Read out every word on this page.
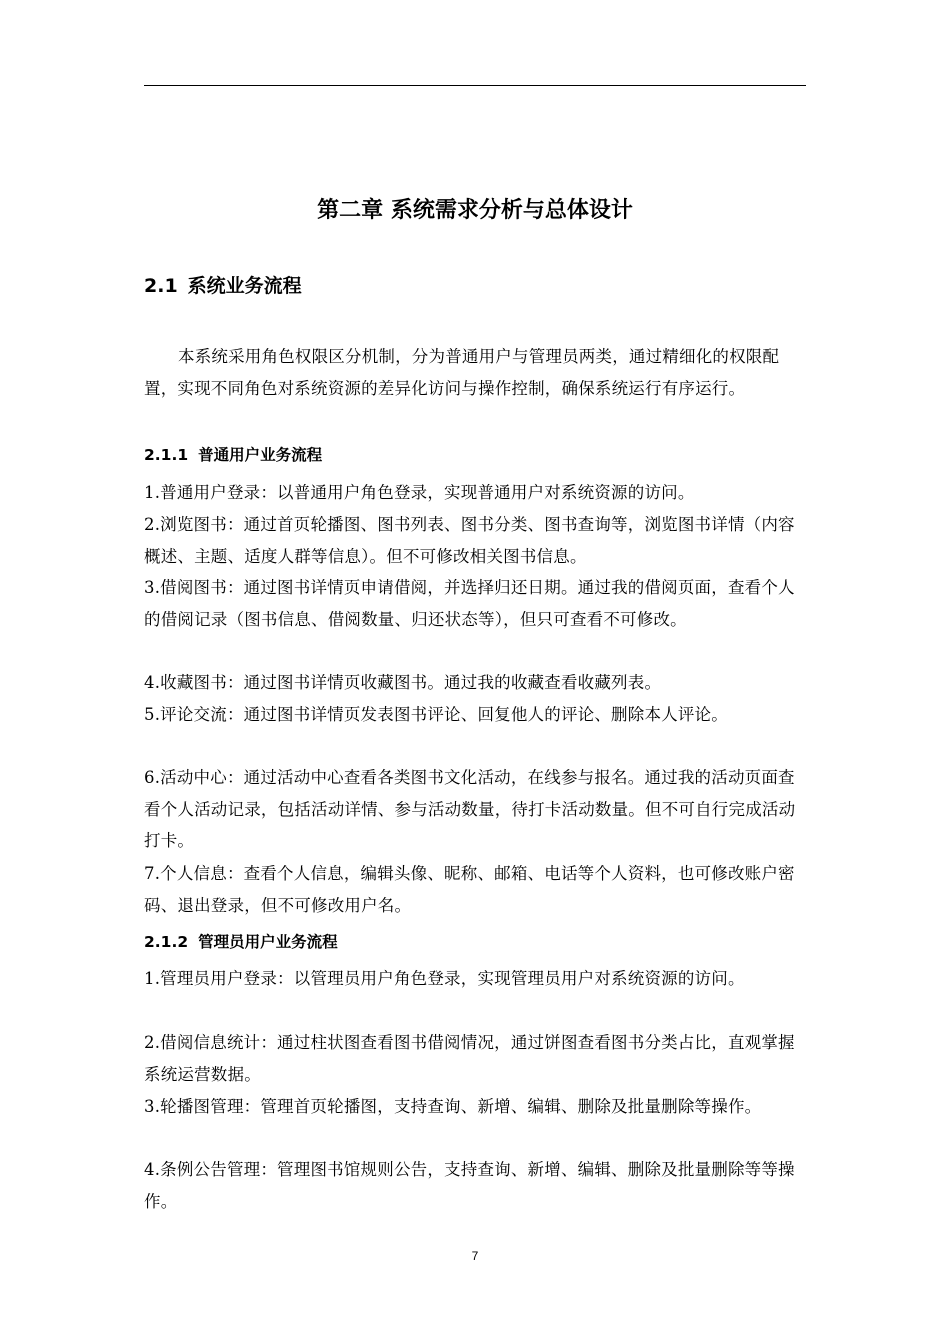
第二章 系统需求分析与总体设计
2.1 系统业务流程

本系统采用角色权限区分机制，分为普通用户与管理员两类，通过精细化的权限配置，实现不同角色对系统资源的差异化访问与操作控制，确保系统运行有序运行。

2.1.1 普通用户业务流程

1.普通用户登录：以普通用户角色登录，实现普通用户对系统资源的访问。

2.浏览图书：通过首页轮播图、图书列表、图书分类、图书查询等，浏览图书详情（内容概述、主题、适度人群等信息）。但不可修改相关图书信息。

3.借阅图书：通过图书详情页申请借阅，并选择归还日期。通过我的借阅页面，查看个人的借阅记录（图书信息、借阅数量、归还状态等），但只可查看不可修改。

4.收藏图书：通过图书详情页收藏图书。通过我的收藏查看收藏列表。

5.评论交流：通过图书详情页发表图书评论、回复他人的评论、删除本人评论。

6.活动中心：通过活动中心查看各类图书文化活动，在线参与报名。通过我的活动页面查看个人活动记录，包括活动详情、参与活动数量，待打卡活动数量。但不可自行完成活动打卡。

7.个人信息：查看个人信息，编辑头像、昵称、邮箱、电话等个人资料，也可修改账户密码、退出登录，但不可修改用户名。

2.1.2 管理员用户业务流程

1.管理员用户登录：以管理员用户角色登录，实现管理员用户对系统资源的访问。

2.借阅信息统计：通过柱状图查看图书借阅情况，通过饼图查看图书分类占比，直观掌握系统运营数据。

3.轮播图管理：管理首页轮播图，支持查询、新增、编辑、删除及批量删除等操作。

4.条例公告管理：管理图书馆规则公告，支持查询、新增、编辑、删除及批量删除等等操作。

7
